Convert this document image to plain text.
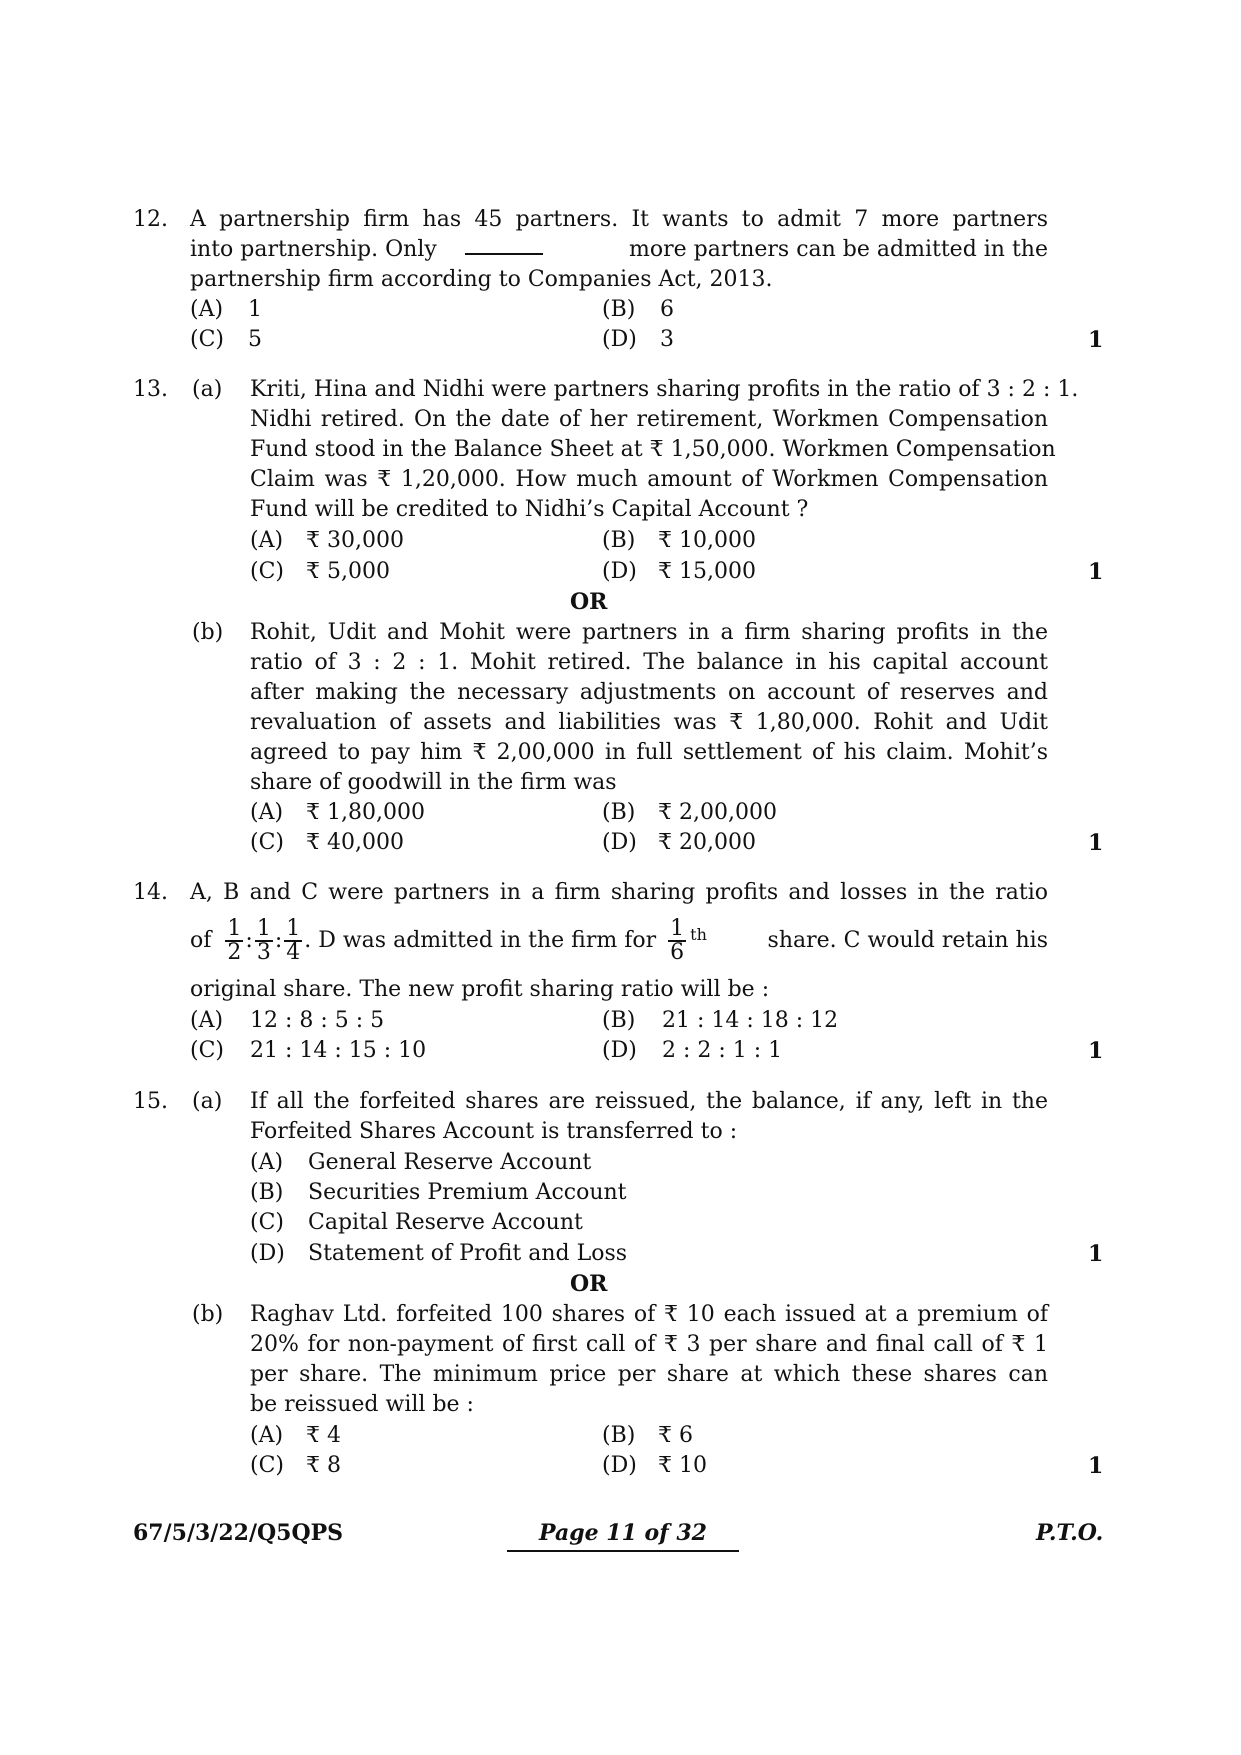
12. A partnership firm has 45 partners. It wants to admit 7 more partners
into partnership. Only	more partners can be admitted in the
partnership firm according to Companies Act, 2013.
(A) 1	(B) 6
(C) 5	(D) 3	1
13. (a) Kriti, Hina and Nidhi were partners sharing profits in the ratio of 3 : 2 : 1.
Nidhi retired. On the date of her retirement, Workmen Compensation
Fund stood in the Balance Sheet at ₹ 1,50,000. Workmen Compensation
Claim was ₹ 1,20,000. How much amount of Workmen Compensation
Fund will be credited to Nidhi’s Capital Account ?
(A) ₹ 30,000	(B) ₹ 10,000
(C) ₹ 5,000	(D) ₹ 15,000	1
OR
(b) Rohit, Udit and Mohit were partners in a firm sharing profits in the
ratio of 3 : 2 : 1. Mohit retired. The balance in his capital account
after making the necessary adjustments on account of reserves and
revaluation of assets and liabilities was ₹ 1,80,000. Rohit and Udit
agreed to pay him ₹ 2,00,000 in full settlement of his claim. Mohit’s
share of goodwill in the firm was
(A) ₹ 1,80,000	(B) ₹ 2,00,000
(C) ₹ 40,000	(D) ₹ 20,000	1
14. A, B and C were partners in a firm sharing profits and losses in the ratio
of $\frac{1}{2}$ : $\frac{1}{3}$ : $\frac{1}{4}$ . D was admitted in the firm for $\frac{1}{6}$ th	share. C would retain his
original share. The new profit sharing ratio will be :
(A) 12 : 8 : 5 : 5	(B) 21 : 14 : 18 : 12
(C) 21 : 14 : 15 : 10	(D) 2 : 2 : 1 : 1	1
15. (a) If all the forfeited shares are reissued, the balance, if any, left in the
Forfeited Shares Account is transferred to :
(A) General Reserve Account
(B) Securities Premium Account
(C) Capital Reserve Account
(D) Statement of Profit and Loss	1
OR
(b) Raghav Ltd. forfeited 100 shares of ₹ 10 each issued at a premium of
20% for non-payment of first call of ₹ 3 per share and final call of ₹ 1
per share. The minimum price per share at which these shares can
be reissued will be :
(A) ₹ 4	(B) ₹ 6
(C) ₹ 8	(D) ₹ 10	1
67/5/3/22/Q5QPS	Page 11 of 32	P.T.O.
